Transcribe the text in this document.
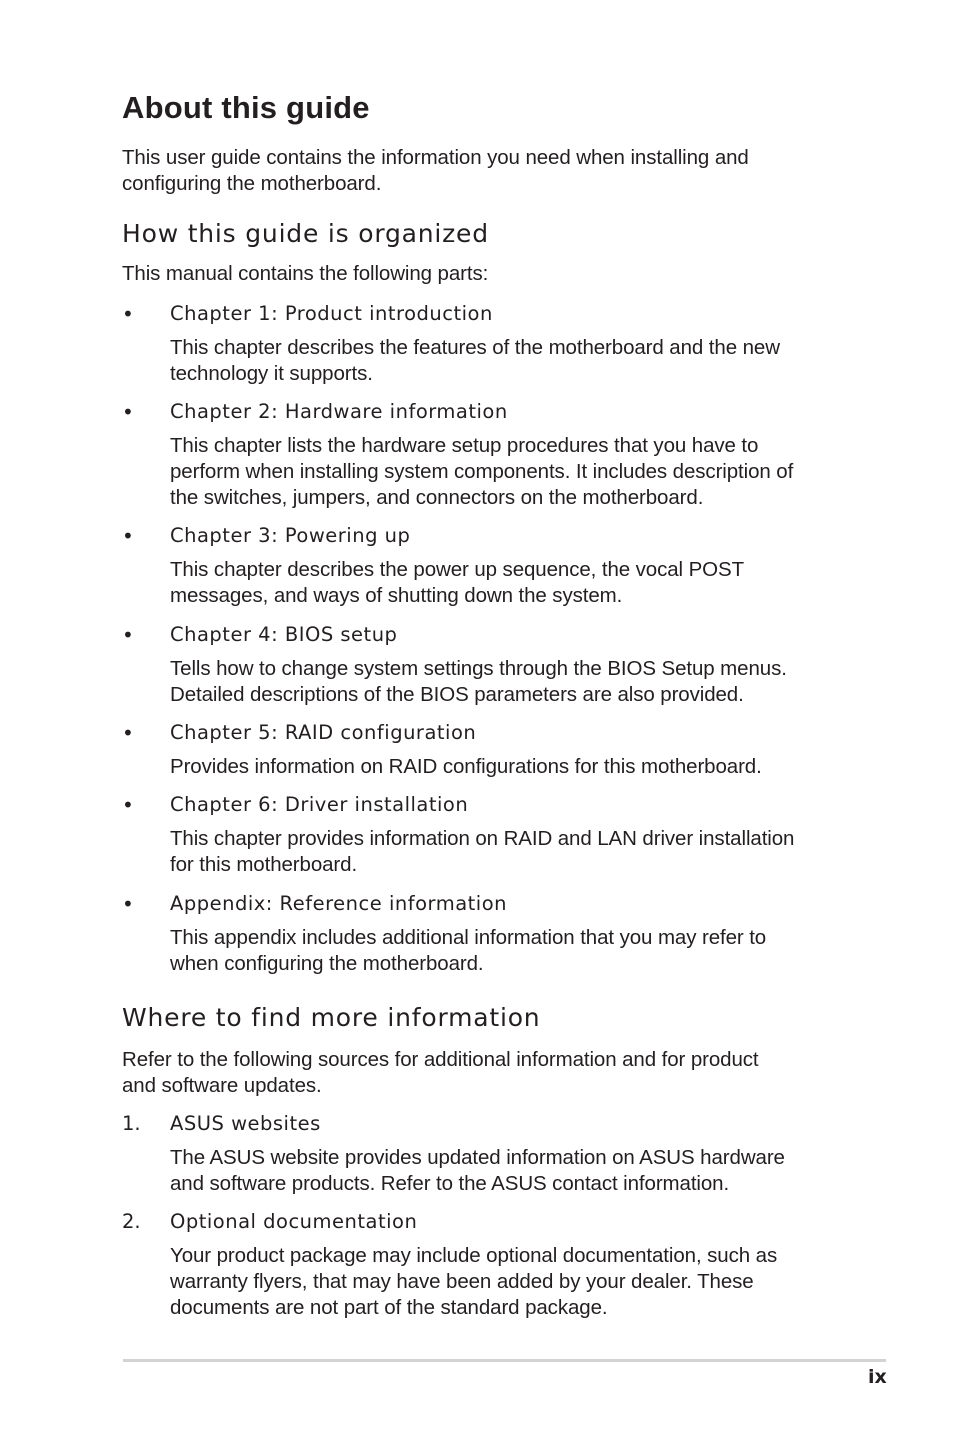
About this guide
This user guide contains the information you need when installing and
configuring the motherboard.
How this guide is organized
This manual contains the following parts:
• Chapter 1: Product introduction
This chapter describes the features of the motherboard and the new
technology it supports.
• Chapter 2: Hardware information
This chapter lists the hardware setup procedures that you have to
perform when installing system components. It includes description of
the switches, jumpers, and connectors on the motherboard.
• Chapter 3: Powering up
This chapter describes the power up sequence, the vocal POST
messages, and ways of shutting down the system.
• Chapter 4: BIOS setup
Tells how to change system settings through the BIOS Setup menus.
Detailed descriptions of the BIOS parameters are also provided.
• Chapter 5: RAID configuration
Provides information on RAID configurations for this motherboard.
• Chapter 6: Driver installation
This chapter provides information on RAID and LAN driver installation
for this motherboard.
• Appendix: Reference information
This appendix includes additional information that you may refer to
when configuring the motherboard.
Where to find more information
Refer to the following sources for additional information and for product
and software updates.
1. ASUS websites
The ASUS website provides updated information on ASUS hardware
and software products. Refer to the ASUS contact information.
2. Optional documentation
Your product package may include optional documentation, such as
warranty flyers, that may have been added by your dealer. These
documents are not part of the standard package.
ix
